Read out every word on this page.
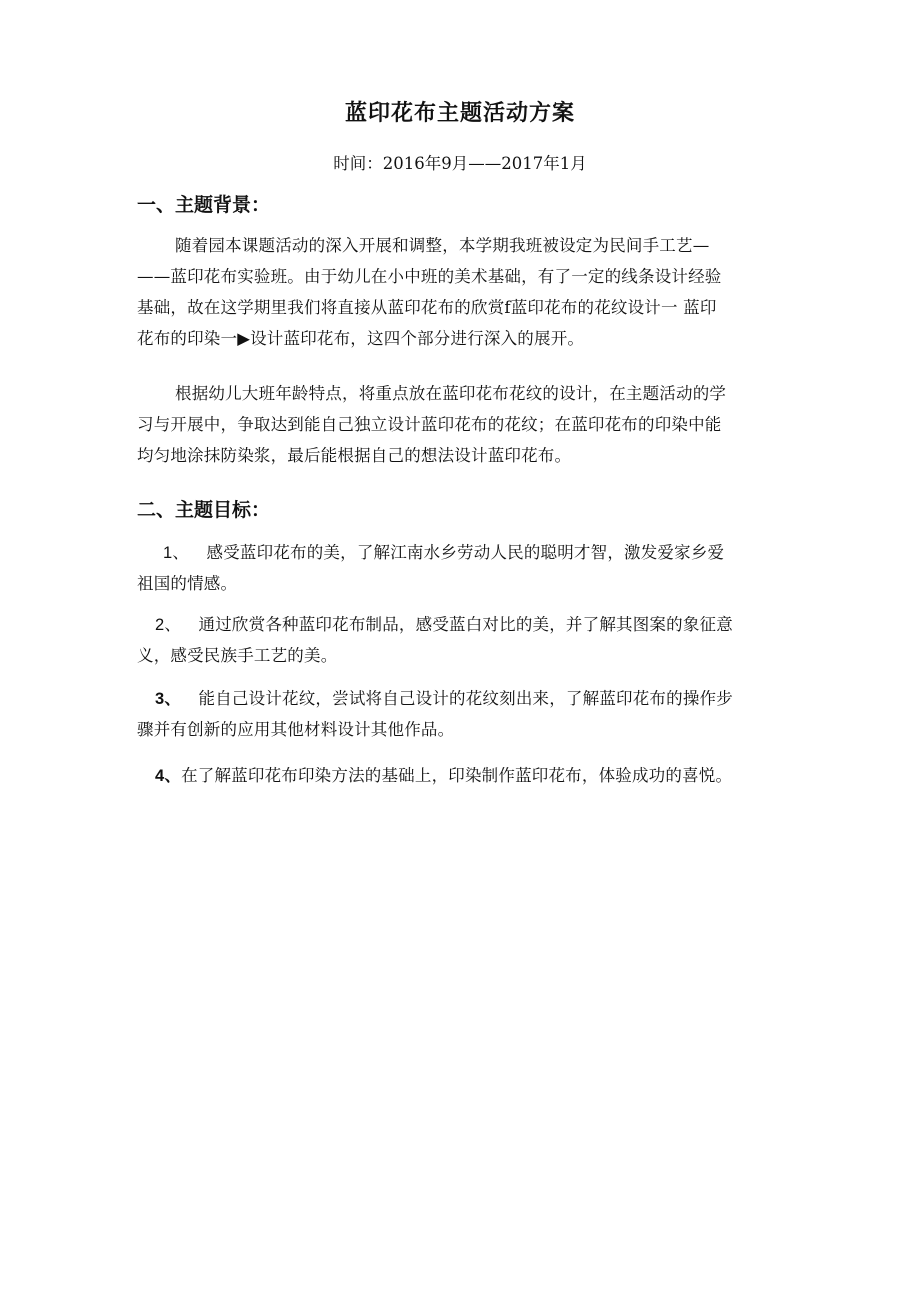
蓝印花布主题活动方案
时间：2016年9月——2017年1月
一、主题背景：
随着园本课题活动的深入开展和调整，本学期我班被设定为民间手工艺—
——蓝印花布实验班。由于幼儿在小中班的美术基础，有了一定的线条设计经验
基础，故在这学期里我们将直接从蓝印花布的欣赏f蓝印花布的花纹设计一 蓝印
花布的印染一▶设计蓝印花布，这四个部分进行深入的展开。
根据幼儿大班年龄特点，将重点放在蓝印花布花纹的设计，在主题活动的学
习与开展中，争取达到能自己独立设计蓝印花布的花纹；在蓝印花布的印染中能
均匀地涂抹防染浆，最后能根据自己的想法设计蓝印花布。
二、主题目标：
1、 感受蓝印花布的美，了解江南水乡劳动人民的聪明才智，激发爱家乡爱
祖国的情感。
2、 通过欣赏各种蓝印花布制品，感受蓝白对比的美，并了解其图案的象征意
义，感受民族手工艺的美。
3、 能自己设计花纹，尝试将自己设计的花纹刻出来，了解蓝印花布的操作步
骤并有创新的应用其他材料设计其他作品。
4、在了解蓝印花布印染方法的基础上，印染制作蓝印花布，体验成功的喜悦。
